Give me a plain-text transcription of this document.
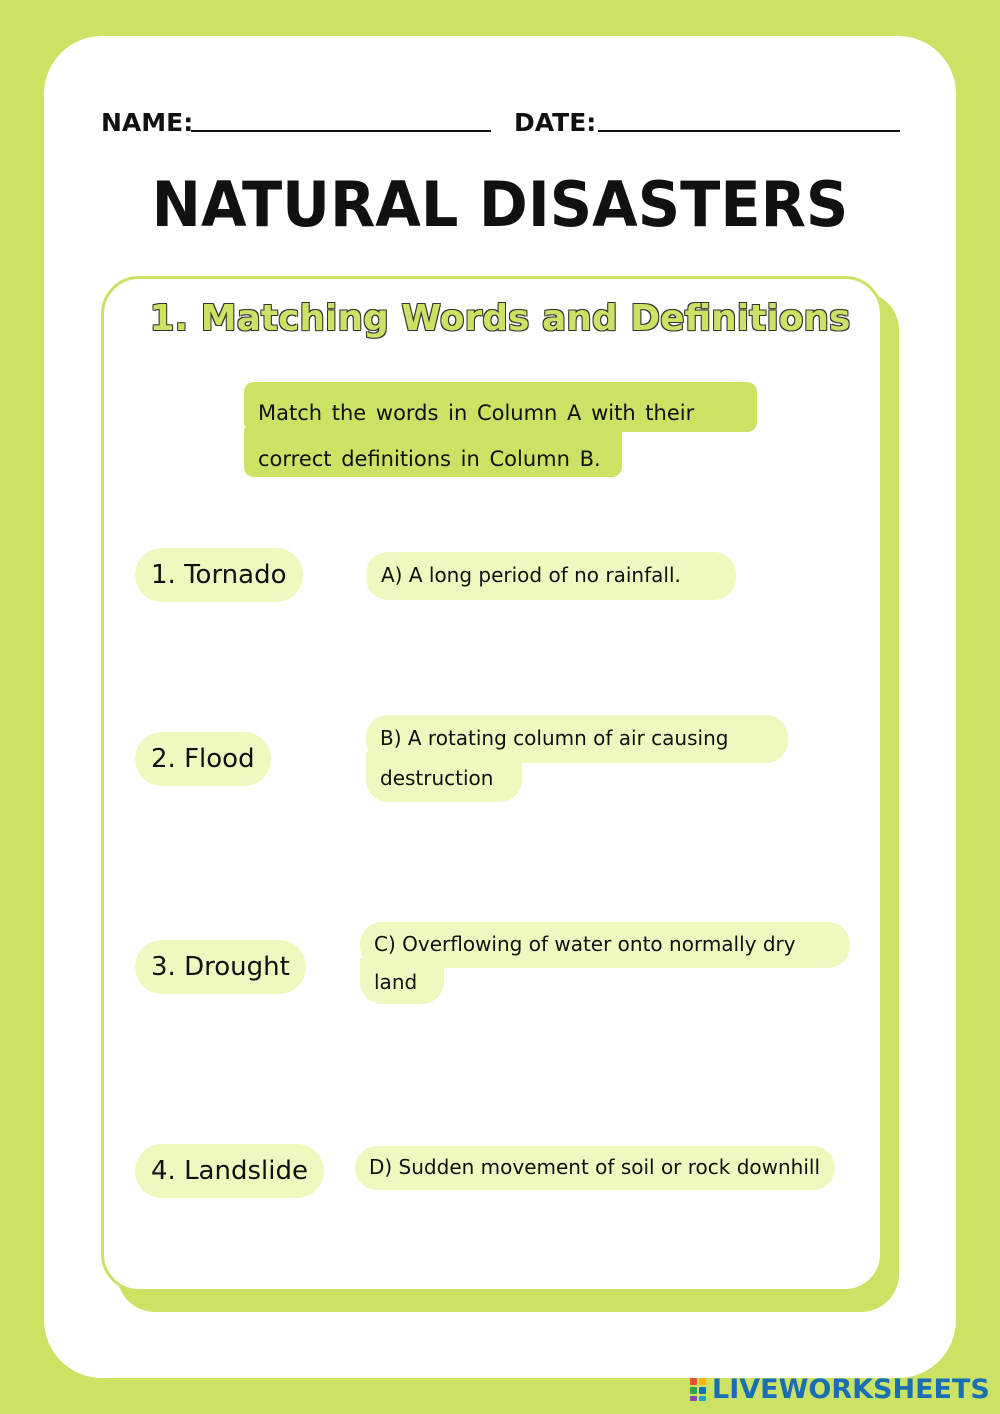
NAME:	DATE:
NATURAL DISASTERS
1. Matching Words and Definitions
Match the words in Column A with their
correct definitions in Column B.
1. Tornado
2. Flood
3. Drought
4. Landslide
A) A long period of no rainfall.
B) A rotating column of air causing
D) Sudden movement of soil or rock downhill
destruction
C) Overflowing of water onto normally dry
land
LIVEWORKSHEETS
